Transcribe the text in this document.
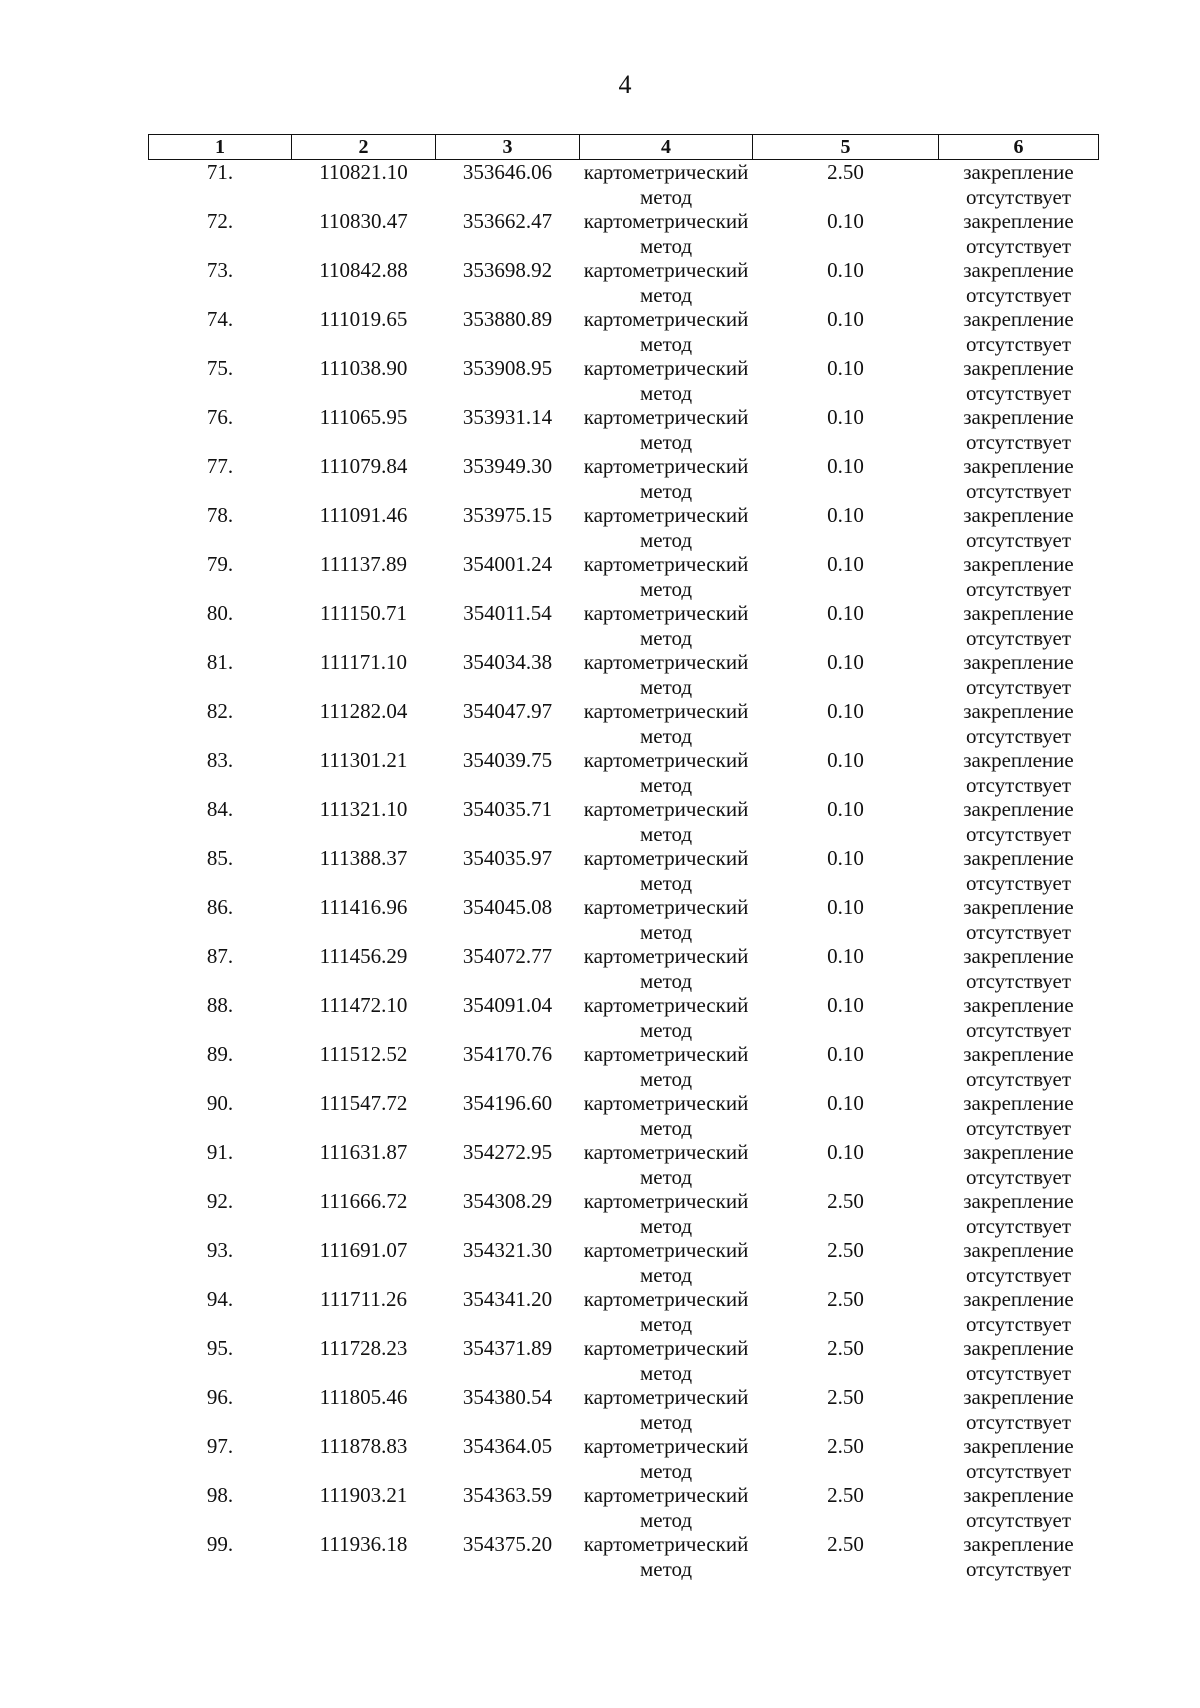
4
1	2	3	4	5	6
71.	110821.10	353646.06	картометрический
метод	2.50	закрепление
отсутствует

72.	110830.47	353662.47	картометрический
метод	0.10	закрепление
отсутствует

73.	110842.88	353698.92	картометрический
метод	0.10	закрепление
отсутствует

74.	111019.65	353880.89	картометрический
метод	0.10	закрепление
отсутствует

75.	111038.90	353908.95	картометрический
метод	0.10	закрепление
отсутствует

76.	111065.95	353931.14	картометрический
метод	0.10	закрепление
отсутствует

77.	111079.84	353949.30	картометрический
метод	0.10	закрепление
отсутствует

78.	111091.46	353975.15	картометрический
метод	0.10	закрепление
отсутствует

79.	111137.89	354001.24	картометрический
метод	0.10	закрепление
отсутствует

80.	111150.71	354011.54	картометрический
метод	0.10	закрепление
отсутствует

81.	111171.10	354034.38	картометрический
метод	0.10	закрепление
отсутствует

82.	111282.04	354047.97	картометрический
метод	0.10	закрепление
отсутствует

83.	111301.21	354039.75	картометрический
метод	0.10	закрепление
отсутствует

84.	111321.10	354035.71	картометрический
метод	0.10	закрепление
отсутствует

85.	111388.37	354035.97	картометрический
метод	0.10	закрепление
отсутствует

86.	111416.96	354045.08	картометрический
метод	0.10	закрепление
отсутствует

87.	111456.29	354072.77	картометрический
метод	0.10	закрепление
отсутствует

88.	111472.10	354091.04	картометрический
метод	0.10	закрепление
отсутствует

89.	111512.52	354170.76	картометрический
метод	0.10	закрепление
отсутствует

90.	111547.72	354196.60	картометрический
метод	0.10	закрепление
отсутствует

91.	111631.87	354272.95	картометрический
метод	0.10	закрепление
отсутствует

92.	111666.72	354308.29	картометрический
метод	2.50	закрепление
отсутствует

93.	111691.07	354321.30	картометрический
метод	2.50	закрепление
отсутствует

94.	111711.26	354341.20	картометрический
метод	2.50	закрепление
отсутствует

95.	111728.23	354371.89	картометрический
метод	2.50	закрепление
отсутствует

96.	111805.46	354380.54	картометрический
метод	2.50	закрепление
отсутствует

97.	111878.83	354364.05	картометрический
метод	2.50	закрепление
отсутствует

98.	111903.21	354363.59	картометрический
метод	2.50	закрепление
отсутствует

99.	111936.18	354375.20	картометрический
метод	2.50	закрепление
отсутствует
